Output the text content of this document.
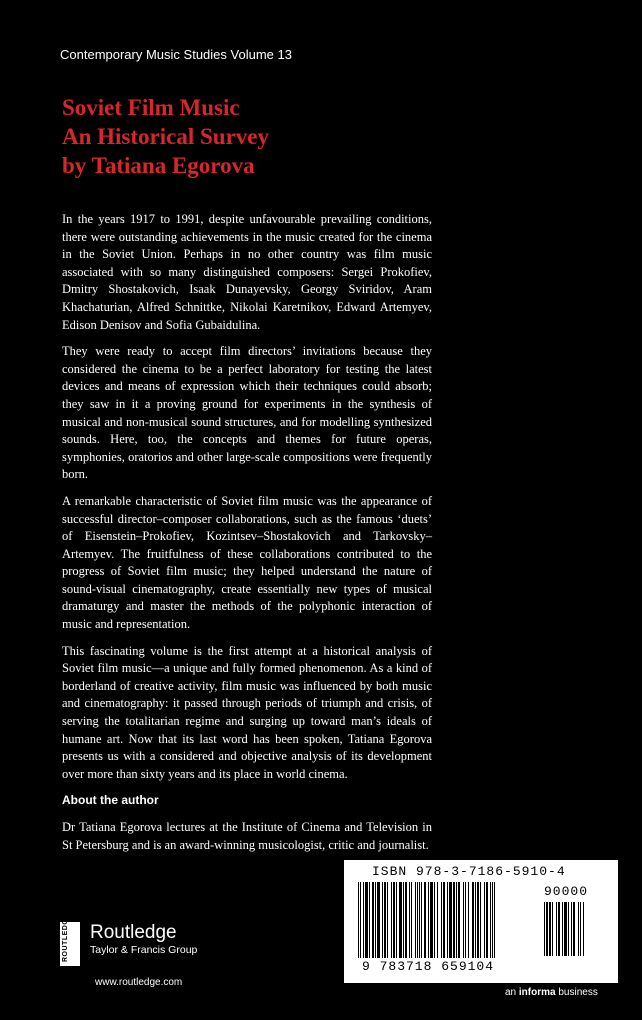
Contemporary Music Studies Volume 13
Soviet Film Music
An Historical Survey
by Tatiana Egorova

In the years 1917 to 1991, despite unfavourable prevailing conditions, there were outstanding achievements in the music created for the cinema in the Soviet Union. Perhaps in no other country was film music associated with so many distinguished composers: Sergei Prokofiev, Dmitry Shostakovich, Isaak Dunayevsky, Georgy Sviridov, Aram Khachaturian, Alfred Schnittke, Nikolai Karetnikov, Edward Artemyev, Edison Denisov and Sofia Gubaidulina.

They were ready to accept film directors’ invitations because they considered the cinema to be a perfect laboratory for testing the latest devices and means of expression which their techniques could absorb; they saw in it a proving ground for experiments in the synthesis of musical and non-musical sound structures, and for modelling synthesized sounds. Here, too, the concepts and themes for future operas, symphonies, oratorios and other large-scale compositions were frequently born.

A remarkable characteristic of Soviet film music was the appearance of successful director–composer collaborations, such as the famous ‘duets’ of Eisenstein–Prokofiev, Kozintsev–Shostakovich and Tarkovsky–Artemyev. The fruitfulness of these collaborations contributed to the progress of Soviet film music; they helped understand the nature of sound-visual cinematography, create essentially new types of musical dramaturgy and master the methods of the polyphonic interaction of music and representation.

This fascinating volume is the first attempt at a historical analysis of Soviet film music—a unique and fully formed phenomenon. As a kind of borderland of creative activity, film music was influenced by both music and cinematography: it passed through periods of triumph and crisis, of serving the totalitarian regime and surging up toward man’s ideals of humane art. Now that its last word has been spoken, Tatiana Egorova presents us with a considered and objective analysis of its development over more than sixty years and its place in world cinema.

About the author

Dr Tatiana Egorova lectures at the Institute of Cinema and Television in St Petersburg and is an award-winning musicologist, critic and journalist.

ISBN 978-3-7186-5910-4
9 783718 659104
90000
ROUTLEDGE Routledge
Taylor & Francis Group
www.routledge.com
an informa business
